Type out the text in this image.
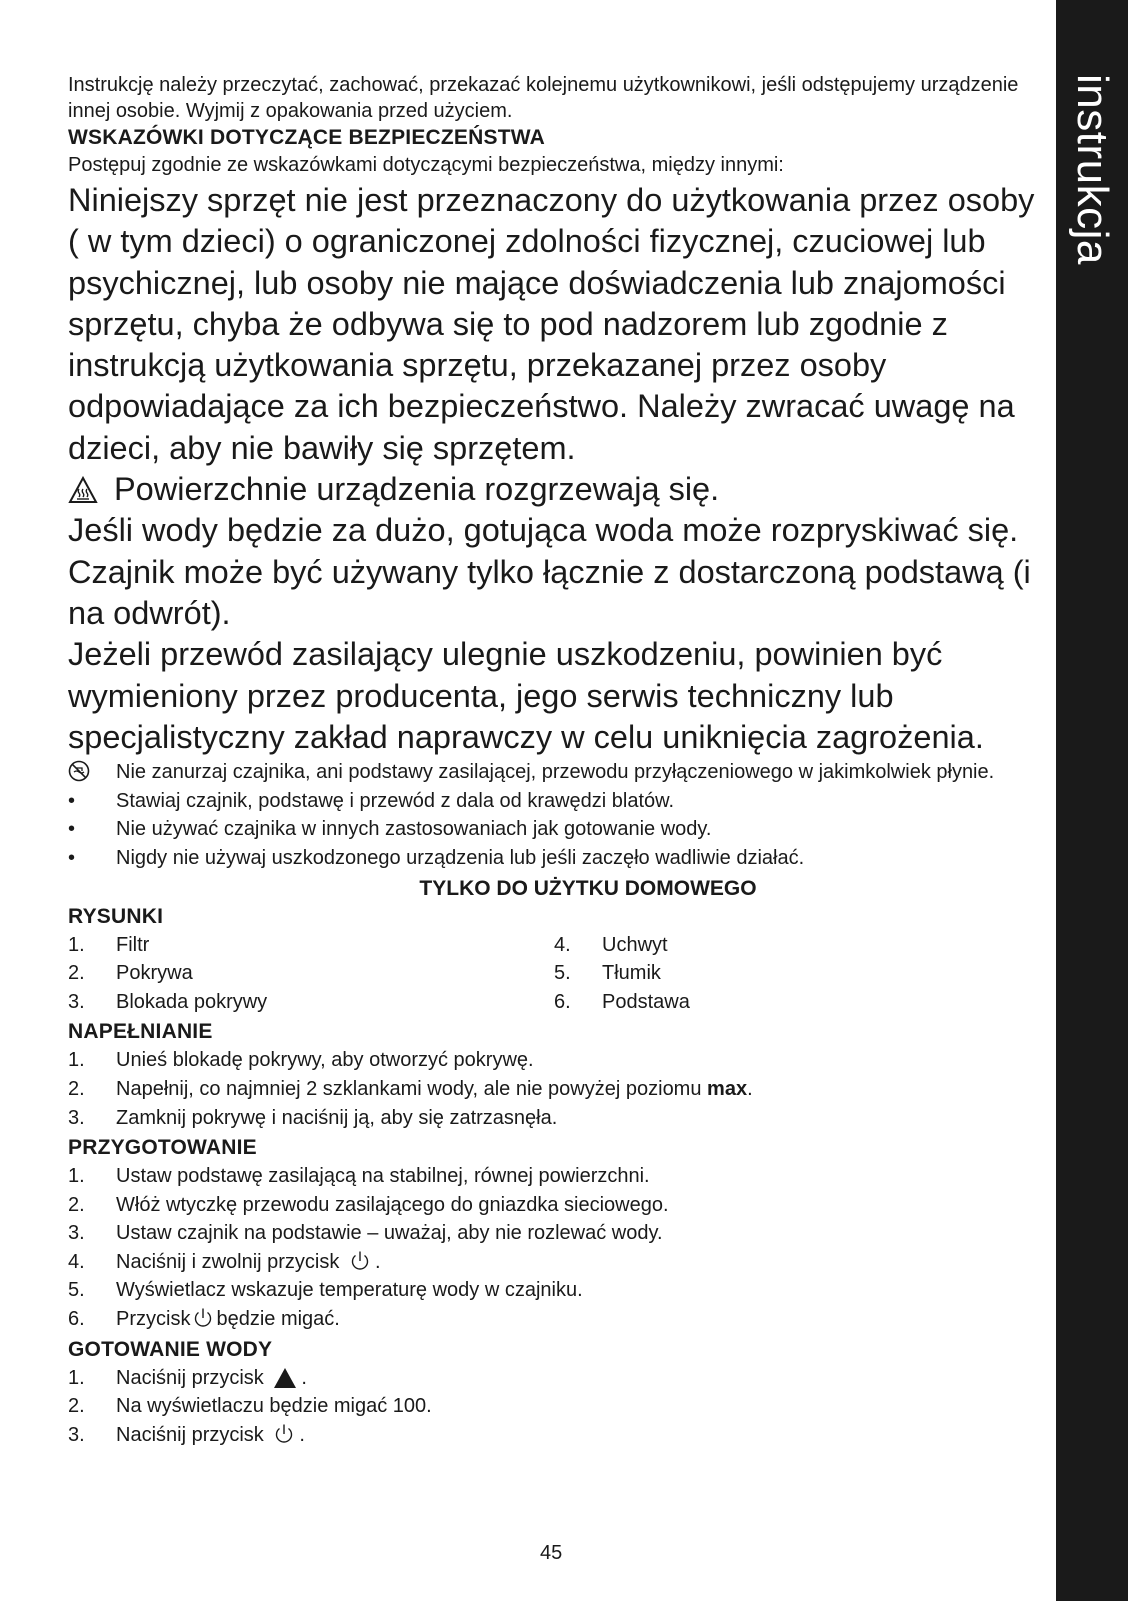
instrukcja

Instrukcję należy przeczytać, zachować, przekazać kolejnemu użytkownikowi, jeśli odstępujemy urządzenie innej osobie. Wyjmij z opakowania przed użyciem.

WSKAZÓWKI DOTYCZĄCE BEZPIECZEŃSTWA

Postępuj zgodnie ze wskazówkami dotyczącymi bezpieczeństwa, między innymi:

Niniejszy sprzęt nie jest przeznaczony do użytkowania przez osoby ( w tym dzieci) o ograniczonej zdolności fizycznej, czuciowej lub psychicznej, lub osoby nie mające doświadczenia lub znajomości sprzętu, chyba że odbywa się to pod nadzorem lub zgodnie z instrukcją użytkowania sprzętu, przekazanej przez osoby odpowiadające za ich bezpieczeństwo. Należy zwracać uwagę na dzieci, aby nie bawiły się sprzętem.

Powierzchnie urządzenia rozgrzewają się.

Jeśli wody będzie za dużo, gotująca woda może rozpryskiwać się.

Czajnik może być używany tylko łącznie z dostarczoną podstawą (i na odwrót).

Jeżeli przewód zasilający ulegnie uszkodzeniu, powinien być wymieniony przez producenta, jego serwis techniczny lub specjalistyczny zakład naprawczy w celu uniknięcia zagrożenia.

Nie zanurzaj czajnika, ani podstawy zasilającej, przewodu przyłączeniowego w jakimkolwiek płynie.
•	Stawiaj czajnik, podstawę i przewód z dala od krawędzi blatów.
•	Nie używać czajnika w innych zastosowaniach jak gotowanie wody.
•	Nigdy nie używaj uszkodzonego urządzenia lub jeśli zaczęło wadliwie działać.

TYLKO DO UŻYTKU DOMOWEGO

RYSUNKI

1.	Filtr
2.	Pokrywa
3.	Blokada pokrywy
4.	Uchwyt
5.	Tłumik
6.	Podstawa

NAPEŁNIANIE

1.	Unieś blokadę pokrywy, aby otworzyć pokrywę.
2.	Napełnij, co najmniej 2 szklankami wody, ale nie powyżej poziomu max.
3.	Zamknij pokrywę i naciśnij ją, aby się zatrzasnęła.

PRZYGOTOWANIE

1.	Ustaw podstawę zasilającą na stabilnej, równej powierzchni.
2.	Włóż wtyczkę przewodu zasilającego do gniazdka sieciowego.
3.	Ustaw czajnik na podstawie – uważaj, aby nie rozlewać wody.
4.	Naciśnij i zwolnij przycisk .
5.	Wyświetlacz wskazuje temperaturę wody w czajniku.
6.	Przycisk będzie migać.

GOTOWANIE WODY

1.	Naciśnij przycisk .
2.	Na wyświetlaczu będzie migać 100.
3.	Naciśnij przycisk .
45
